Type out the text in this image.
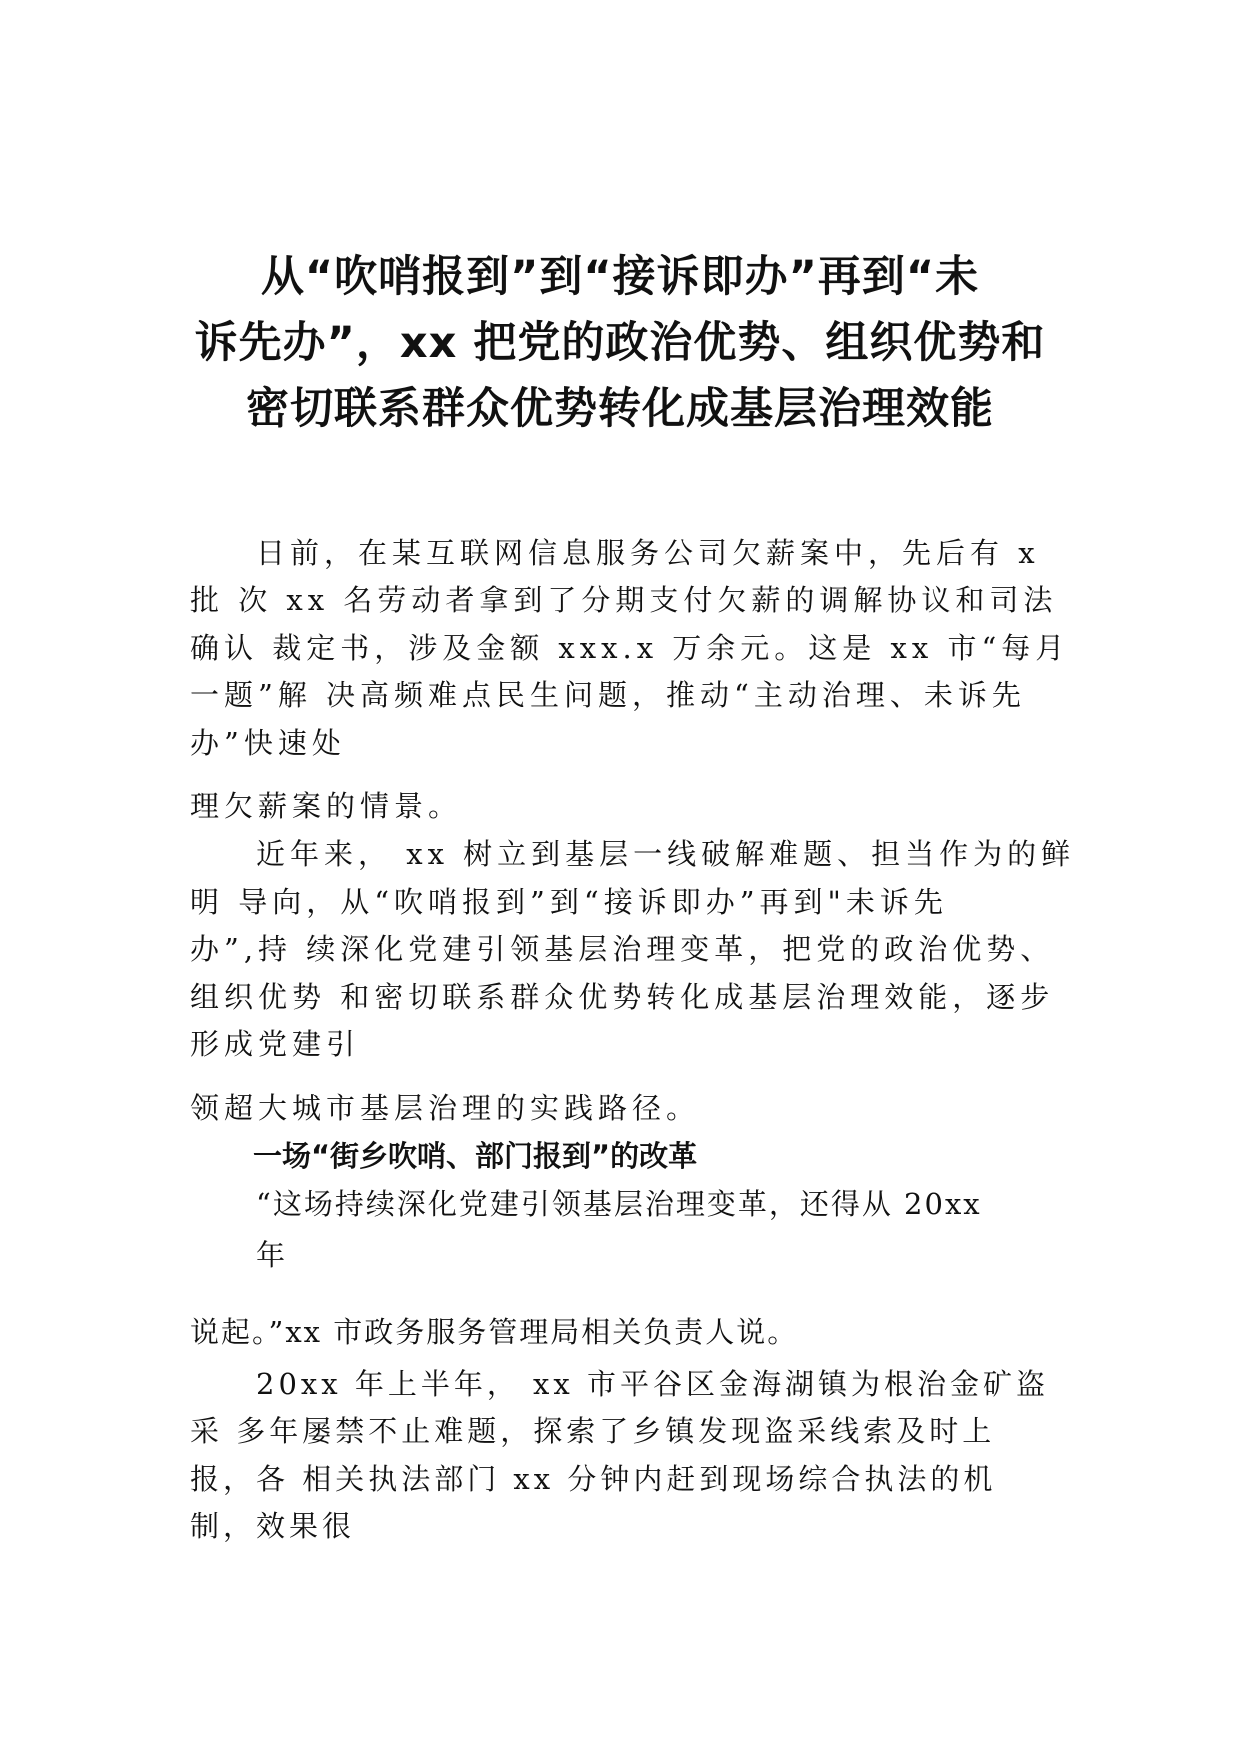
从“吹哨报到”到“接诉即办”再到“未
诉先办”，xx 把党的政治优势、组织优势和
密切联系群众优势转化成基层治理效能
日前，在某互联网信息服务公司欠薪案中，先后有 x
批 次 xx 名劳动者拿到了分期支付欠薪的调解协议和司法
确认 裁定书，涉及金额 xxx.x 万余元。这是 xx 市“每月
一题”解 决高频难点民生问题，推动“主动治理、未诉先
办”快速处
理欠薪案的情景。
近年来， xx 树立到基层一线破解难题、担当作为的鲜
明 导向，从“吹哨报到”到“接诉即办”再到"未诉先
办”,持 续深化党建引领基层治理变革，把党的政治优势、
组织优势 和密切联系群众优势转化成基层治理效能，逐步
形成党建引
领超大城市基层治理的实践路径。
一场“街乡吹哨、部门报到”的改革
“这场持续深化党建引领基层治理变革，还得从 20xx
年
说起。”xx 市政务服务管理局相关负责人说。
20xx 年上半年， xx 市平谷区金海湖镇为根治金矿盗
采 多年屡禁不止难题，探索了乡镇发现盗采线索及时上
报，各 相关执法部门 xx 分钟内赶到现场综合执法的机
制，效果很
